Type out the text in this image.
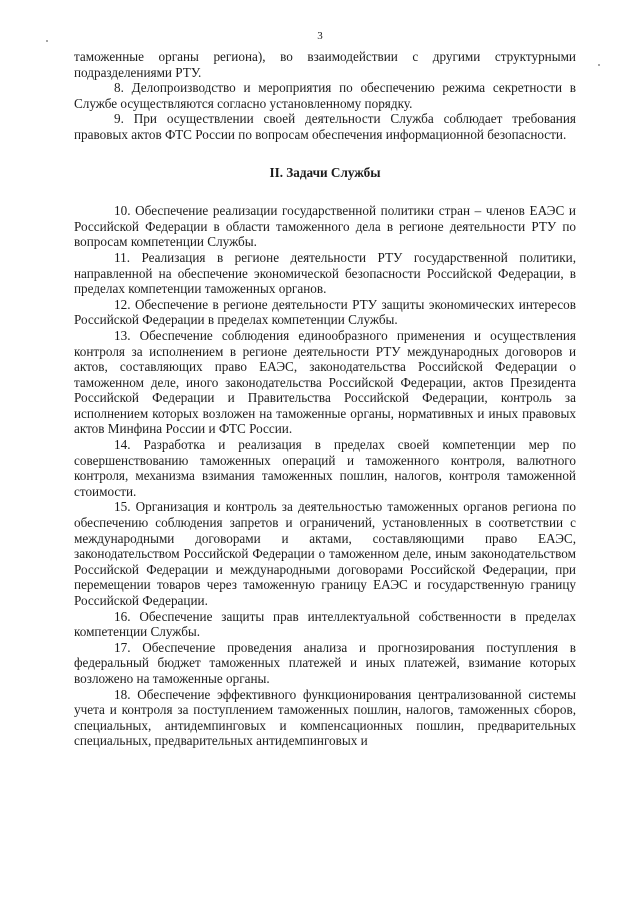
3

таможенные органы региона), во взаимодействии с другими структурными подразделениями РТУ.

8. Делопроизводство и мероприятия по обеспечению режима секретности в Службе осуществляются согласно установленному порядку.

9. При осуществлении своей деятельности Служба соблюдает требования правовых актов ФТС России по вопросам обеспечения информационной безопасности.

II. Задачи Службы

10. Обеспечение реализации государственной политики стран – членов ЕАЭС и Российской Федерации в области таможенного дела в регионе деятельности РТУ по вопросам компетенции Службы.

11. Реализация в регионе деятельности РТУ государственной политики, направленной на обеспечение экономической безопасности Российской Федерации, в пределах компетенции таможенных органов.

12. Обеспечение в регионе деятельности РТУ защиты экономических интересов Российской Федерации в пределах компетенции Службы.

13. Обеспечение соблюдения единообразного применения и осуществления контроля за исполнением в регионе деятельности РТУ международных договоров и актов, составляющих право ЕАЭС, законодательства Российской Федерации о таможенном деле, иного законодательства Российской Федерации, актов Президента Российской Федерации и Правительства Российской Федерации, контроль за исполнением которых возложен на таможенные органы, нормативных и иных правовых актов Минфина России и ФТС России.

14. Разработка и реализация в пределах своей компетенции мер по совершенствованию таможенных операций и таможенного контроля, валютного контроля, механизма взимания таможенных пошлин, налогов, контроля таможенной стоимости.

15. Организация и контроль за деятельностью таможенных органов региона по обеспечению соблюдения запретов и ограничений, установленных в соответствии с международными договорами и актами, составляющими право ЕАЭС, законодательством Российской Федерации о таможенном деле, иным законодательством Российской Федерации и международными договорами Российской Федерации, при перемещении товаров через таможенную границу ЕАЭС и государственную границу Российской Федерации.

16. Обеспечение защиты прав интеллектуальной собственности в пределах компетенции Службы.

17. Обеспечение проведения анализа и прогнозирования поступления в федеральный бюджет таможенных платежей и иных платежей, взимание которых возложено на таможенные органы.

18. Обеспечение эффективного функционирования централизованной системы учета и контроля за поступлением таможенных пошлин, налогов, таможенных сборов, специальных, антидемпинговых и компенсационных пошлин, предварительных специальных, предварительных антидемпинговых и
